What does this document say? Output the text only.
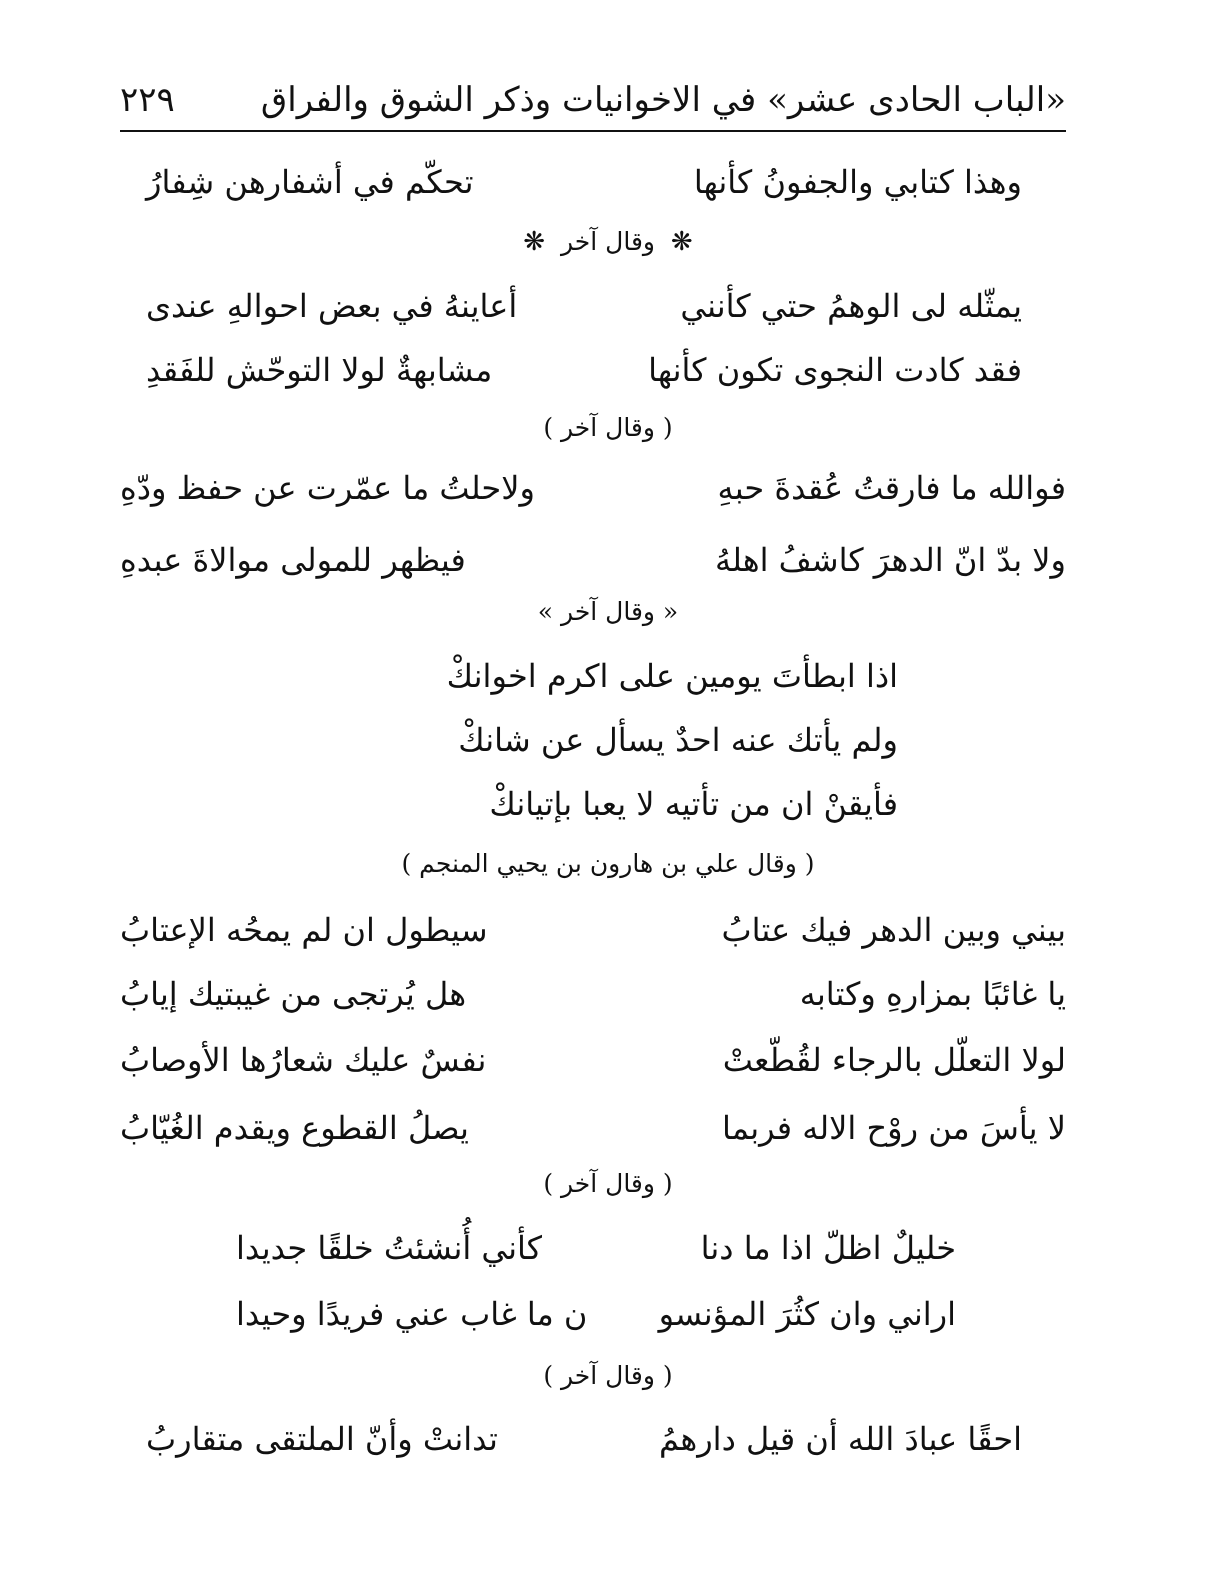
«الباب الحادى عشر» في الاخوانيات وذكر الشوق والفراق
٢٢٩
وهذا كتابي والجفونُ كأنها
تحكّم في أشفارهن شِفارُ
❋ وقال آخر ❋
يمثّله لى الوهمُ حتي كأنني
أعاينهُ في بعض احوالهِ عندى
فقد كادت النجوى تكون كأنها
مشابهةٌ لولا التوحّش للفَقدِ
( وقال آخر )
فوالله ما فارقتُ عُقدةَ حبهِ
ولاحلتُ ما عمّرت عن حفظ ودّهِ
ولا بدّ انّ الدهرَ كاشفُ اهلهُ
فيظهر للمولى موالاةَ عبدهِ
« وقال آخر »
اذا ابطأتَ يومين على اكرم اخوانكْ
ولم يأتك عنه احدٌ يسأل عن شانكْ
فأيقنْ ان من تأتيه لا يعبا بإتيانكْ
( وقال علي بن هارون بن يحيي المنجم )
بيني وبين الدهر فيك عتابُ
سيطول ان لم يمحُه الإعتابُ
يا غائبًا بمزارهِ وكتابه
هل يُرتجى من غيبتيك إيابُ
لولا التعلّل بالرجاء لقُطّعتْ
نفسٌ عليك شعارُها الأوصابُ
لا يأسَ من روْح الاله فربما
يصلُ القطوع ويقدم الغُيّابُ
( وقال آخر )
خليلٌ اظلّ اذا ما دنا
كأني أُنشئتُ خلقًا جديدا
اراني وان كثُرَ المؤنسو
ن ما غاب عني فريدًا وحيدا
( وقال آخر )
احقًا عبادَ الله أن قيل دارهمُ
تدانتْ وأنّ الملتقى متقاربُ
